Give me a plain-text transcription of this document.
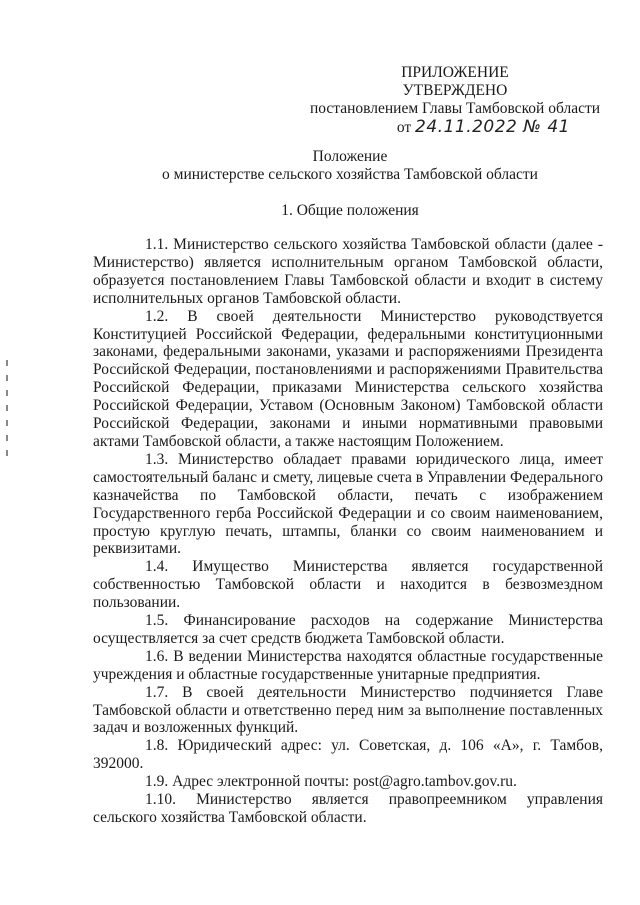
ПРИЛОЖЕНИЕ
УТВЕРЖДЕНО
постановлением Главы Тамбовской области
от 24.11.2022 № 41
Положение
о министерстве сельского хозяйства Тамбовской области
1. Общие положения

1.1. Министерство сельского хозяйства Тамбовской области (далее - Министерство) является исполнительным органом Тамбовской области, образуется постановлением Главы Тамбовской области и входит в систему исполнительных органов Тамбовской области.

1.2. В своей деятельности Министерство руководствуется Конституцией Российской Федерации, федеральными конституционными законами, федеральными законами, указами и распоряжениями Президента Российской Федерации, постановлениями и распоряжениями Правительства Российской Федерации, приказами Министерства сельского хозяйства Российской Федерации, Уставом (Основным Законом) Тамбовской области Российской Федерации, законами и иными нормативными правовыми актами Тамбовской области, а также настоящим Положением.

1.3. Министерство обладает правами юридического лица, имеет самостоятельный баланс и смету, лицевые счета в Управлении Федерального казначейства по Тамбовской области, печать с изображением Государственного герба Российской Федерации и со своим наименованием, простую круглую печать, штампы, бланки со своим наименованием и реквизитами.

1.4. Имущество Министерства является государственной собственностью Тамбовской области и находится в безвозмездном пользовании.

1.5. Финансирование расходов на содержание Министерства осуществляется за счет средств бюджета Тамбовской области.

1.6. В ведении Министерства находятся областные государственные учреждения и областные государственные унитарные предприятия.

1.7. В своей деятельности Министерство подчиняется Главе Тамбовской области и ответственно перед ним за выполнение поставленных задач и возложенных функций.

1.8. Юридический адрес: ул. Советская, д. 106 «А», г. Тамбов, 392000.

1.9. Адрес электронной почты: post@agro.tambov.gov.ru.

1.10. Министерство является правопреемником управления сельского хозяйства Тамбовской области.
